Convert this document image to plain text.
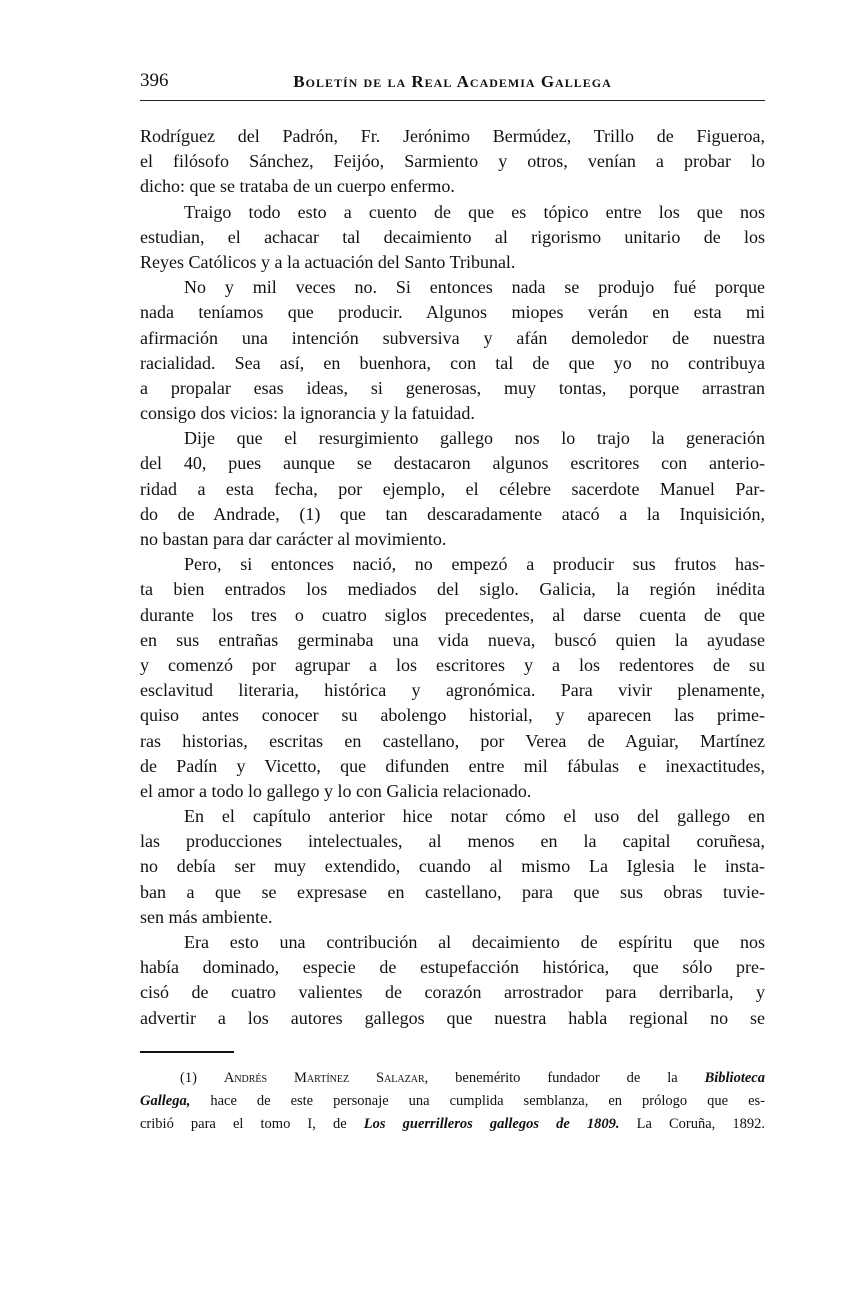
396	Boletín de la Real Academia Gallega
Rodríguez del Padrón, Fr. Jerónimo Bermúdez, Trillo de Figueroa,
el filósofo Sánchez, Feijóo, Sarmiento y otros, venían a probar lo
dicho: que se trataba de un cuerpo enfermo.
Traigo todo esto a cuento de que es tópico entre los que nos
estudian, el achacar tal decaimiento al rigorismo unitario de los
Reyes Católicos y a la actuación del Santo Tribunal.
No y mil veces no. Si entonces nada se produjo fué porque
nada teníamos que producir. Algunos miopes verán en esta mi
afirmación una intención subversiva y afán demoledor de nuestra
racialidad. Sea así, en buenhora, con tal de que yo no contribuya
a propalar esas ideas, si generosas, muy tontas, porque arrastran
consigo dos vicios: la ignorancia y la fatuidad.
Dije que el resurgimiento gallego nos lo trajo la generación
del 40, pues aunque se destacaron algunos escritores con anterio-
ridad a esta fecha, por ejemplo, el célebre sacerdote Manuel Par-
do de Andrade, (1) que tan descaradamente atacó a la Inquisición,
no bastan para dar carácter al movimiento.
Pero, si entonces nació, no empezó a producir sus frutos has-
ta bien entrados los mediados del siglo. Galicia, la región inédita
durante los tres o cuatro siglos precedentes, al darse cuenta de que
en sus entrañas germinaba una vida nueva, buscó quien la ayudase
y comenzó por agrupar a los escritores y a los redentores de su
esclavitud literaria, histórica y agronómica. Para vivir plenamente,
quiso antes conocer su abolengo historial, y aparecen las prime-
ras historias, escritas en castellano, por Verea de Aguiar, Martínez
de Padín y Vicetto, que difunden entre mil fábulas e inexactitudes,
el amor a todo lo gallego y lo con Galicia relacionado.
En el capítulo anterior hice notar cómo el uso del gallego en
las producciones intelectuales, al menos en la capital coruñesa,
no debía ser muy extendido, cuando al mismo La Iglesia le insta-
ban a que se expresase en castellano, para que sus obras tuvie-
sen más ambiente.
Era esto una contribución al decaimiento de espíritu que nos
había dominado, especie de estupefacción histórica, que sólo pre-
cisó de cuatro valientes de corazón arrostrador para derribarla, y
advertir a los autores gallegos que nuestra habla regional no se
(1) Andrés Martínez Salazar, benemérito fundador de la Biblioteca
Gallega, hace de este personaje una cumplida semblanza, en prólogo que es-
cribió para el tomo I, de Los guerrilleros gallegos de 1809. La Coruña, 1892.
